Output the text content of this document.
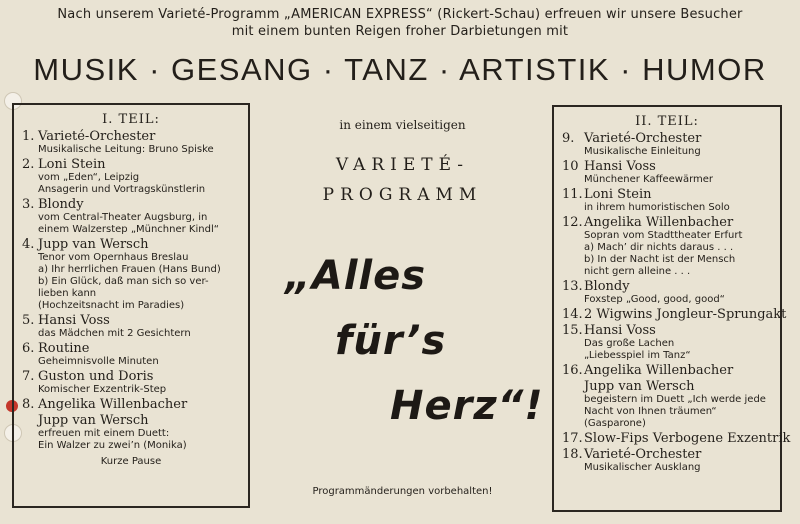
Nach unserem Varieté-Programm „AMERICAN EXPRESS“ (Rickert-Schau) erfreuen wir unsere Besucher
mit einem bunten Reigen froher Darbietungen mit
MUSIK · GESANG · TANZ · ARTISTIK · HUMOR
I. TEIL:
1. Varieté-Orchester
Musikalische Leitung: Bruno Spiske
2. Loni Stein
vom „Eden“, Leipzig
Ansagerin und Vortragskünstlerin
3. Blondy
vom Central-Theater Augsburg, in
einem Walzerstep „Münchner Kindl“
4. Jupp van Wersch
Tenor vom Opernhaus Breslau
a) Ihr herrlichen Frauen (Hans Bund)
b) Ein Glück, daß man sich so ver-
lieben kann
(Hochzeitsnacht im Paradies)
5. Hansi Voss
das Mädchen mit 2 Gesichtern
6. Routine
Geheimnisvolle Minuten
7. Guston und Doris
Komischer Exzentrik-Step
8. Angelika Willenbacher
Jupp van Wersch
erfreuen mit einem Duett:
Ein Walzer zu zwei’n (Monika)
Kurze Pause
in einem vielseitigen
VARIETÉ-
PROGRAMM
„Alles
für’s
Herz“!
Programmänderungen vorbehalten!
II. TEIL:
9. Varieté-Orchester
Musikalische Einleitung
10 Hansi Voss
Münchener Kaffeewärmer
11. Loni Stein
in ihrem humoristischen Solo
12. Angelika Willenbacher
Sopran vom Stadttheater Erfurt
a) Mach’ dir nichts daraus . . .
b) In der Nacht ist der Mensch
nicht gern alleine . . .
13. Blondy
Foxstep „Good, good, good“
14. 2 Wigwins Jongleur-Sprungakt
15. Hansi Voss
Das große Lachen
„Liebesspiel im Tanz“
16. Angelika Willenbacher
Jupp van Wersch
begeistern im Duett „Ich werde jede
Nacht von Ihnen träumen“
(Gasparone)
17. Slow-Fips Verbogene Exzentrik
18. Varieté-Orchester
Musikalischer Ausklang
